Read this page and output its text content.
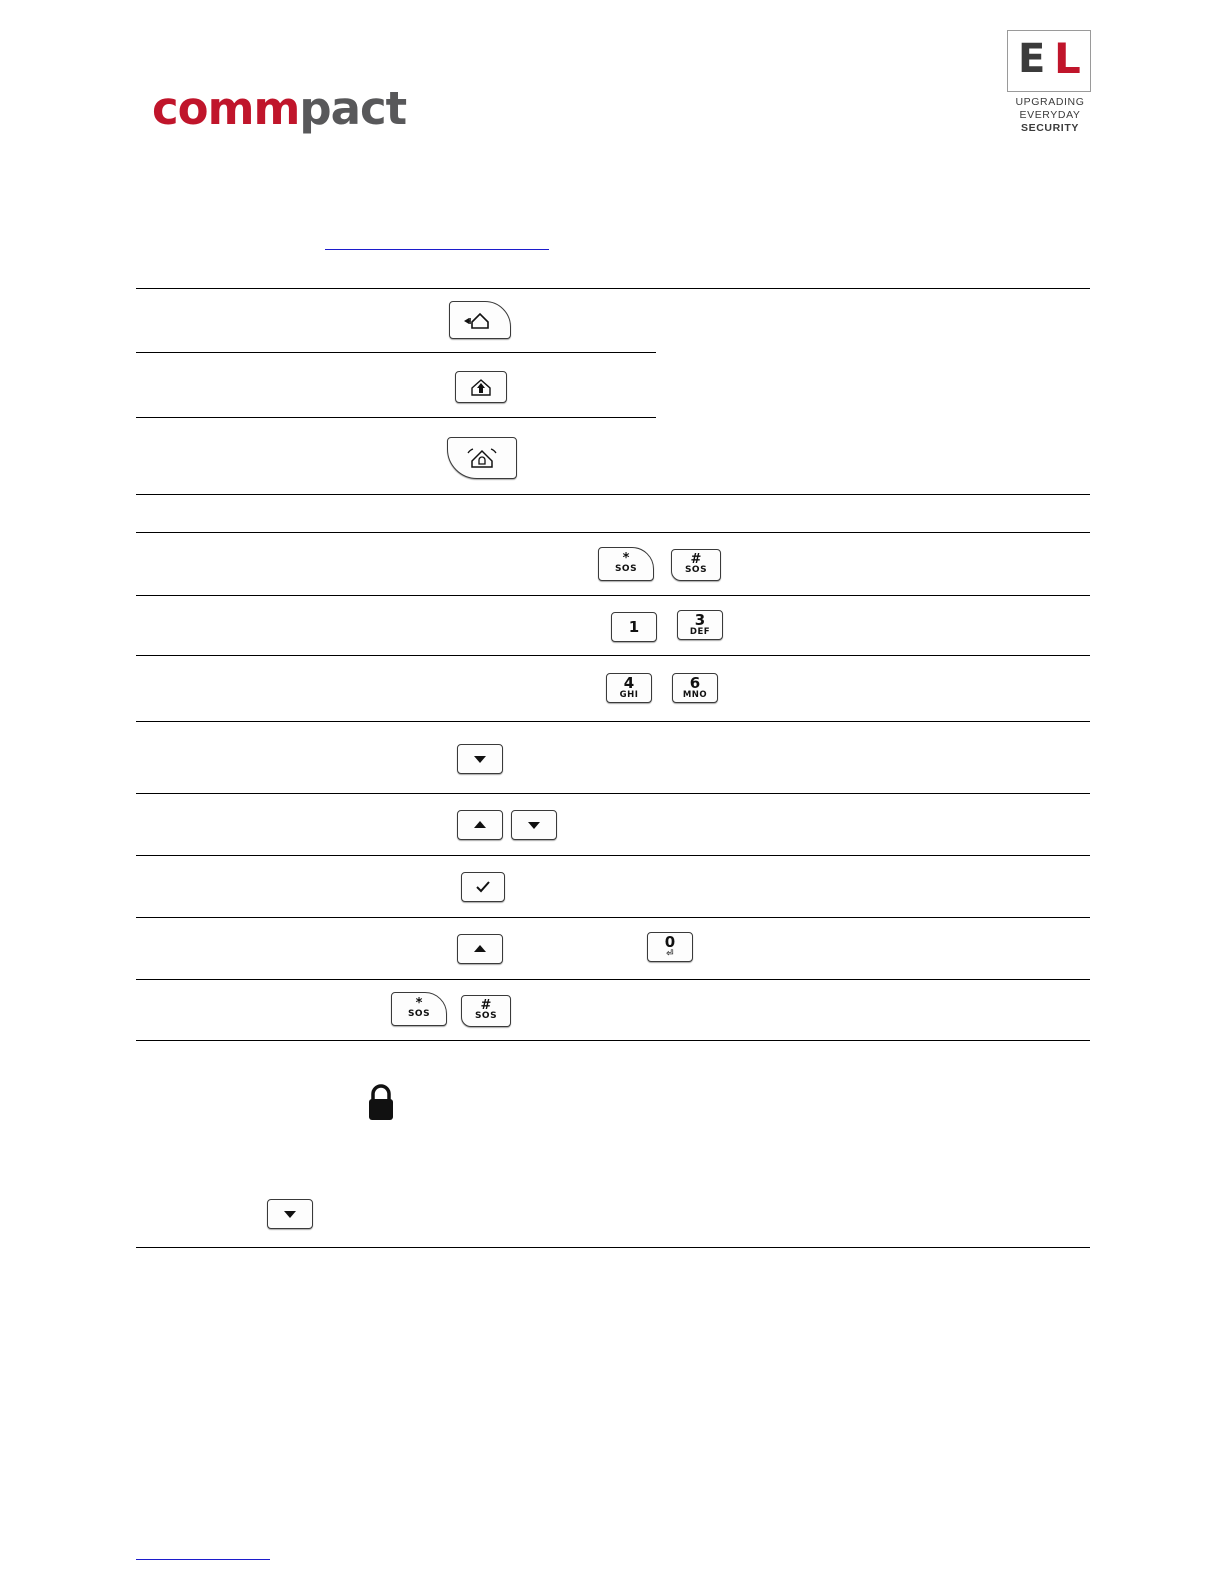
commpact
E L
UPGRADING
EVERYDAY
SECURITY
*
SOS
#
SOS
1	3
DEF
4
GHI
6
MNO
0
⏎
*
SOS
#
SOS
